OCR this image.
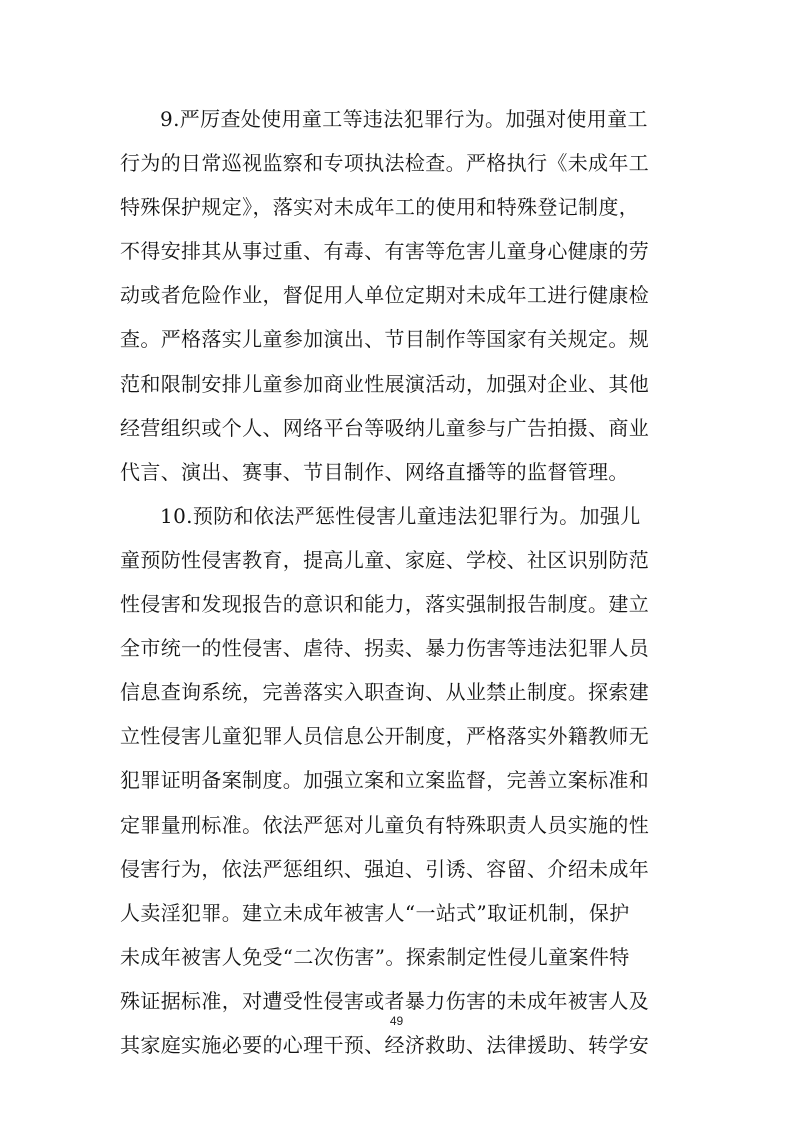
9.严厉查处使用童工等违法犯罪行为。加强对使用童工
行为的日常巡视监察和专项执法检查。严格执行《未成年工
特殊保护规定》，落实对未成年工的使用和特殊登记制度，
不得安排其从事过重、有毒、有害等危害儿童身心健康的劳
动或者危险作业，督促用人单位定期对未成年工进行健康检
查。严格落实儿童参加演出、节目制作等国家有关规定。规
范和限制安排儿童参加商业性展演活动，加强对企业、其他
经营组织或个人、网络平台等吸纳儿童参与广告拍摄、商业
代言、演出、赛事、节目制作、网络直播等的监督管理。
10.预防和依法严惩性侵害儿童违法犯罪行为。加强儿
童预防性侵害教育，提高儿童、家庭、学校、社区识别防范
性侵害和发现报告的意识和能力，落实强制报告制度。建立
全市统一的性侵害、虐待、拐卖、暴力伤害等违法犯罪人员
信息查询系统，完善落实入职查询、从业禁止制度。探索建
立性侵害儿童犯罪人员信息公开制度，严格落实外籍教师无
犯罪证明备案制度。加强立案和立案监督，完善立案标准和
定罪量刑标准。依法严惩对儿童负有特殊职责人员实施的性
侵害行为，依法严惩组织、强迫、引诱、容留、介绍未成年
人卖淫犯罪。建立未成年被害人“一站式”取证机制，保护
未成年被害人免受“二次伤害”。探索制定性侵儿童案件特
殊证据标准，对遭受性侵害或者暴力伤害的未成年被害人及
其家庭实施必要的心理干预、经济救助、法律援助、转学安
49
